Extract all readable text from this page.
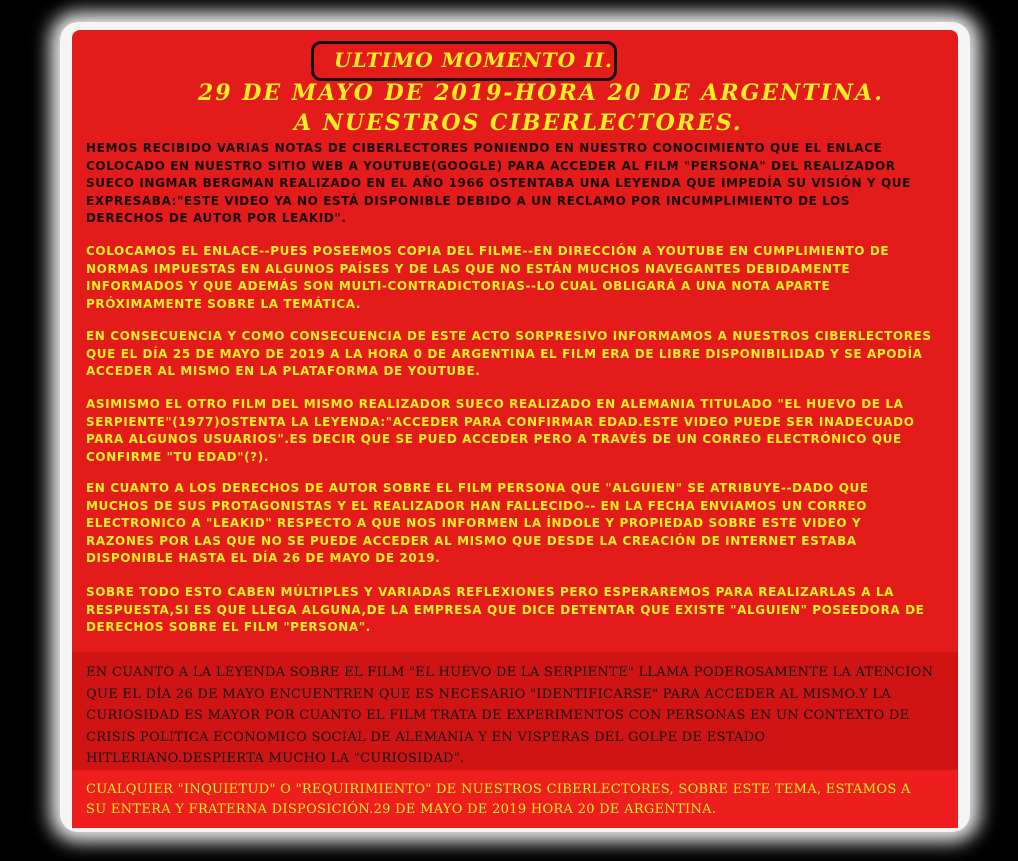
ULTIMO MOMENTO II.
29 DE MAYO DE 2019-HORA 20 DE ARGENTINA.
A NUESTROS CIBERLECTORES.

HEMOS RECIBIDO VARIAS NOTAS DE CIBERLECTORES PONIENDO EN NUESTRO CONOCIMIENTO QUE EL ENLACE COLOCADO EN NUESTRO SITIO WEB A YOUTUBE(GOOGLE) PARA ACCEDER AL FILM "PERSONA" DEL REALIZADOR SUECO INGMAR BERGMAN REALIZADO EN EL AÑO 1966 OSTENTABA UNA LEYENDA QUE IMPEDÍA SU VISIÓN Y QUE EXPRESABA:"ESTE VIDEO YA NO ESTÁ DISPONIBLE DEBIDO A UN RECLAMO POR INCUMPLIMIENTO DE LOS DERECHOS DE AUTOR POR LEAKID".

COLOCAMOS EL ENLACE--PUES POSEEMOS COPIA DEL FILME--EN DIRECCIÓN A YOUTUBE EN CUMPLIMIENTO DE NORMAS IMPUESTAS EN ALGUNOS PAÍSES Y DE LAS QUE NO ESTÁN MUCHOS NAVEGANTES DEBIDAMENTE INFORMADOS Y QUE ADEMÁS SON MULTI-CONTRADICTORIAS--LO CUAL OBLIGARÁ A UNA NOTA APARTE PRÓXIMAMENTE SOBRE LA TEMÁTICA.

EN CONSECUENCIA Y COMO CONSECUENCIA DE ESTE ACTO SORPRESIVO INFORMAMOS A NUESTROS CIBERLECTORES QUE EL DÍA 25 DE MAYO DE 2019 A LA HORA 0 DE ARGENTINA EL FILM ERA DE LIBRE DISPONIBILIDAD Y SE APODÍA ACCEDER AL MISMO EN LA PLATAFORMA DE YOUTUBE.

ASIMISMO EL OTRO FILM DEL MISMO REALIZADOR SUECO REALIZADO EN ALEMANIA TITULADO "EL HUEVO DE LA SERPIENTE"(1977)OSTENTA LA LEYENDA:"ACCEDER PARA CONFIRMAR EDAD.ESTE VIDEO PUEDE SER INADECUADO PARA ALGUNOS USUARIOS".ES DECIR QUE SE PUED ACCEDER PERO A TRAVÉS DE UN CORREO ELECTRÓNICO QUE CONFIRME "TU EDAD"(?).

EN CUANTO A LOS DERECHOS DE AUTOR SOBRE EL FILM PERSONA QUE "ALGUIEN" SE ATRIBUYE--DADO QUE MUCHOS DE SUS PROTAGONISTAS Y EL REALIZADOR HAN FALLECIDO-- EN LA FECHA ENVIAMOS UN CORREO ELECTRONICO A "LEAKID" RESPECTO A QUE NOS INFORMEN LA ÍNDOLE Y PROPIEDAD SOBRE ESTE VIDEO Y RAZONES POR LAS QUE NO SE PUEDE ACCEDER AL MISMO QUE DESDE LA CREACIÓN DE INTERNET ESTABA DISPONIBLE HASTA EL DÍA 26 DE MAYO DE 2019.

SOBRE TODO ESTO CABEN MÚLTIPLES Y VARIADAS REFLEXIONES PERO ESPERAREMOS PARA REALIZARLAS A LA RESPUESTA,SI ES QUE LLEGA ALGUNA,DE LA EMPRESA QUE DICE DETENTAR QUE EXISTE "ALGUIEN" POSEEDORA DE DERECHOS SOBRE EL FILM "PERSONA".

EN CUANTO A LA LEYENDA SOBRE EL FILM "EL HUEVO DE LA SERPIENTE" LLAMA PODEROSAMENTE LA ATENCION QUE EL DÍA 26 DE MAYO ENCUENTREN QUE ES NECESARIO "IDENTIFICARSE" PARA ACCEDER AL MISMO.Y LA CURIOSIDAD ES MAYOR POR CUANTO EL FILM TRATA DE EXPERIMENTOS CON PERSONAS EN UN CONTEXTO DE CRISIS POLITICA ECONOMICO SOCIAL DE ALEMANIA Y EN VISPERAS DEL GOLPE DE ESTADO HITLERIANO.DESPIERTA MUCHO LA "CURIOSIDAD".

CUALQUIER "INQUIETUD" O "REQUIRIMIENTO" DE NUESTROS CIBERLECTORES, SOBRE ESTE TEMA, ESTAMOS A SU ENTERA Y FRATERNA DISPOSICIÓN.29 DE MAYO DE 2019 HORA 20 DE ARGENTINA.
